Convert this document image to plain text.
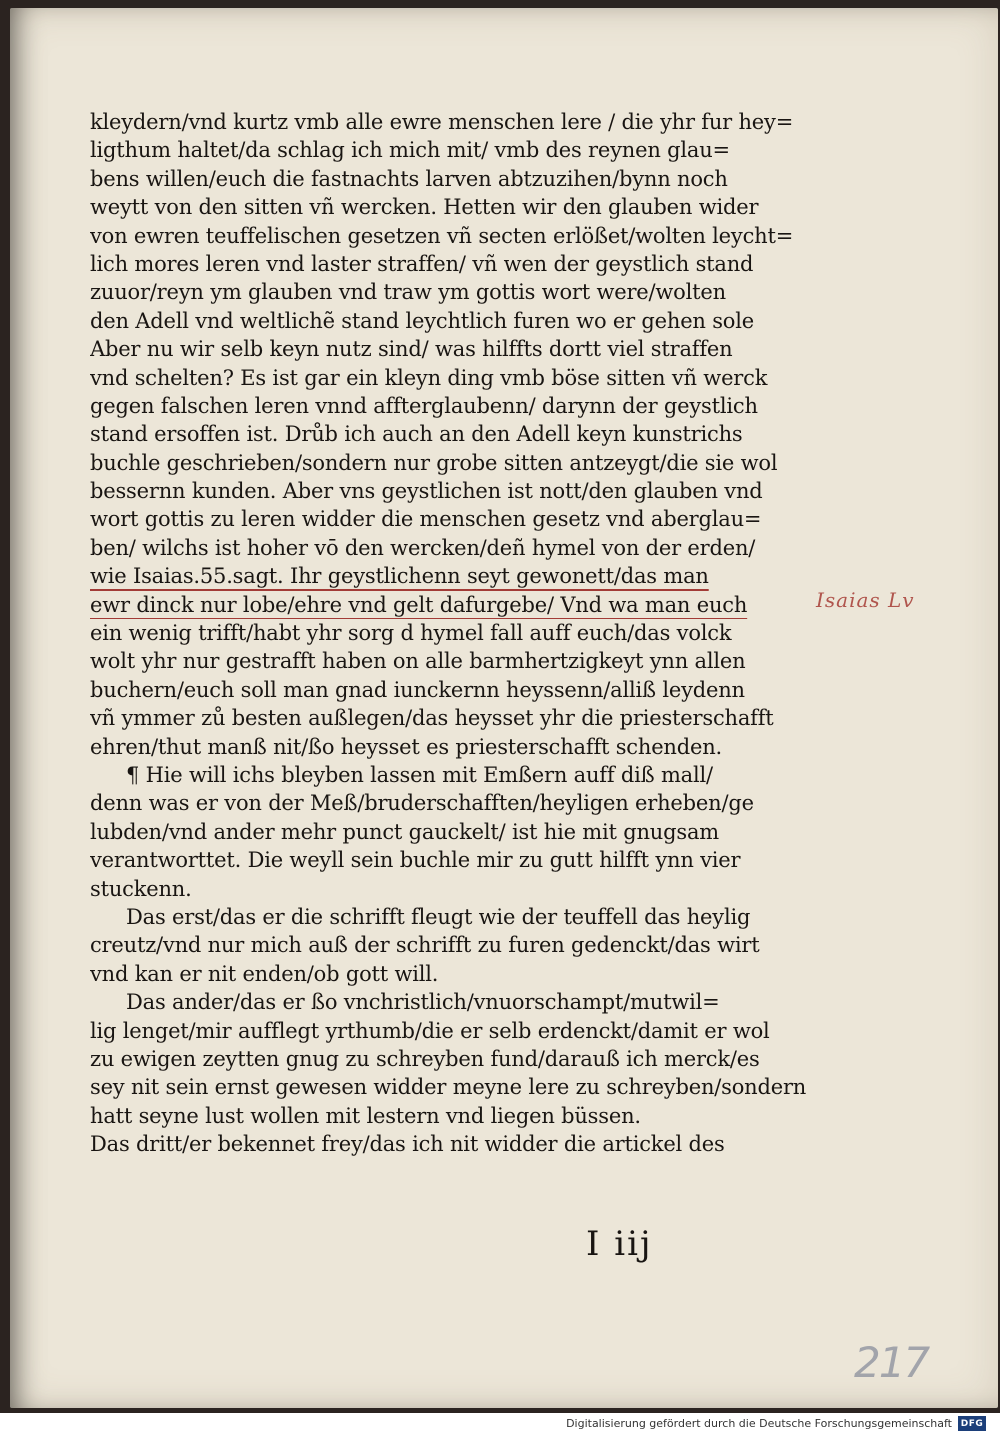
kleydern/vnd kurtz vmb alle ewre menschen lere / die yhr fur hey=
ligthum haltet/da schlag ich mich mit/ vmb des reynen glau=
bens willen/euch die fastnachts larven abtzuzihen/bynn noch
weytt von den sitten vñ wercken. Hetten wir den glauben wider
von ewren teuffelischen gesetzen vñ secten erlößet/wolten leycht=
lich mores leren vnd laster straffen/ vñ wen der geystlich stand
zuuor/reyn ym glauben vnd traw ym gottis wort were/wolten
den Adell vnd weltlichẽ stand leychtlich furen wo er gehen sole
Aber nu wir selb keyn nutz sind/ was hilffts dortt viel straffen
vnd schelten? Es ist gar ein kleyn ding vmb böse sitten vñ werck
gegen falschen leren vnnd affterglaubenn/ darynn der geystlich
stand ersoffen ist. Drůb ich auch an den Adell keyn kunstrichs
buchle geschrieben/sondern nur grobe sitten antzeygt/die sie wol
bessernn kunden. Aber vns geystlichen ist nott/den glauben vnd
wort gottis zu leren widder die menschen gesetz vnd aberglau=
ben/ wilchs ist hoher vō den wercken/deñ hymel von der erden/
wie Isaias.55.sagt. Ihr geystlichenn seyt gewonett/das man
ewr dinck nur lobe/ehre vnd gelt dafurgebe/ Vnd wa man euch
ein wenig trifft/habt yhr sorg d hymel fall auff euch/das volck
wolt yhr nur gestrafft haben on alle barmhertzigkeyt ynn allen
buchern/euch soll man gnad iunckernn heyssenn/alliß leydenn
vñ ymmer zů besten außlegen/das heysset yhr die priesterschafft
ehren/thut manß nit/ßo heysset es priesterschafft schenden.
¶ Hie will ichs bleyben lassen mit Emßern auff diß mall/
denn was er von der Meß/bruderschafften/heyligen erheben/ge
lubden/vnd ander mehr punct gauckelt/ ist hie mit gnugsam
verantworttet. Die weyll sein buchle mir zu gutt hilfft ynn vier
stuckenn.
Das erst/das er die schrifft fleugt wie der teuffell das heylig
creutz/vnd nur mich auß der schrifft zu furen gedenckt/das wirt
vnd kan er nit enden/ob gott will.
Das ander/das er ßo vnchristlich/vnuorschampt/mutwil=
lig lenget/mir aufflegt yrthumb/die er selb erdenckt/damit er wol
zu ewigen zeytten gnug zu schreyben fund/darauß ich merck/es
sey nit sein ernst gewesen widder meyne lere zu schreyben/sondern
hatt seyne lust wollen mit lestern vnd liegen büssen.
Das dritt/er bekennet frey/das ich nit widder die artickel des
Isaias Lv
I iij
217
Digitalisierung gefördert durch die Deutsche Forschungsgemeinschaft DFG
